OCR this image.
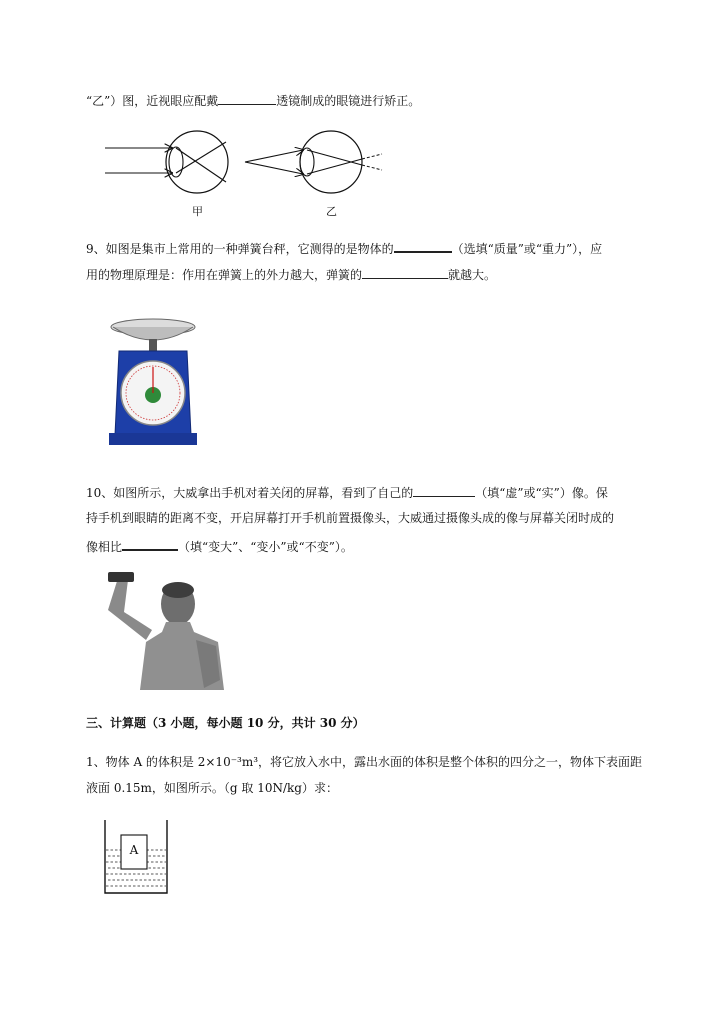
“乙”）图，近视眼应配戴	透镜制成的眼镜进行矫正。
甲	乙
9、如图是集市上常用的一种弹簧台秤，它测得的是物体的	（选填“质量”或“重力”），应
用的物理原理是：作用在弹簧上的外力越大，弹簧的	就越大。
10、如图所示，大威拿出手机对着关闭的屏幕，看到了自己的	（填“虚”或“实”）像。保
持手机到眼睛的距离不变，开启屏幕打开手机前置摄像头，大威通过摄像头成的像与屏幕关闭时成的
像相比	（填“变大”、“变小”或“不变”）。
三、计算题（3 小题，每小题 10 分，共计 30 分）
1、物体 A 的体积是 2×10⁻³m³，将它放入水中，露出水面的体积是整个体积的四分之一，物体下表面距
液面 0.15m，如图所示。（g 取 10N/kg）求：
A
